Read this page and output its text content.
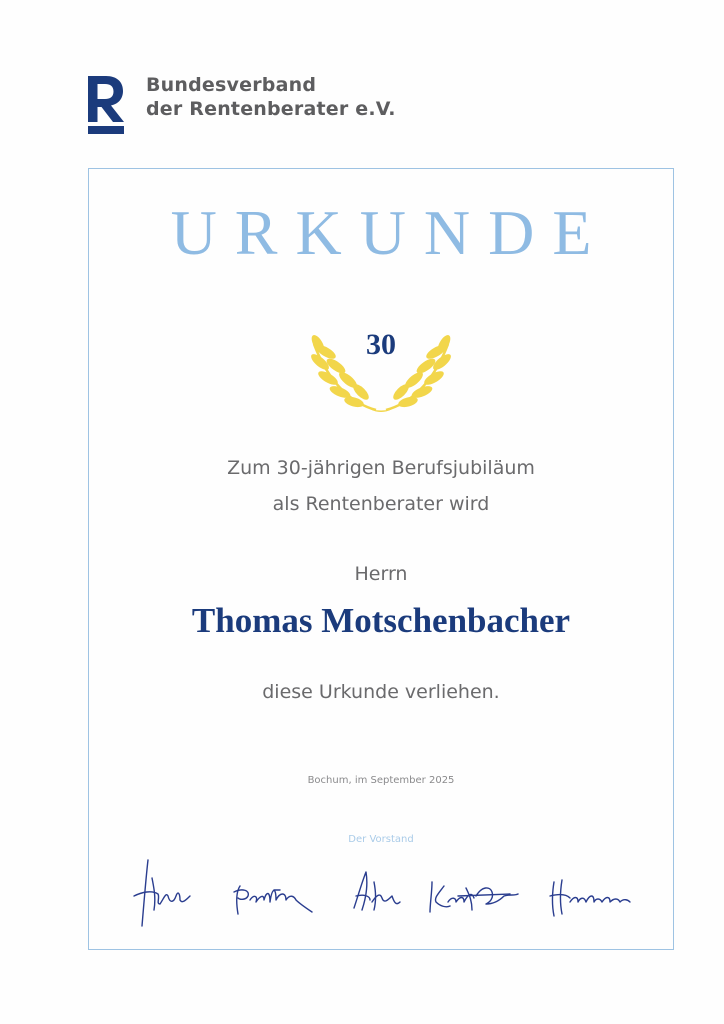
Bundesverband
der Rentenberater e.V.
URKUNDE
30
Zum 30-jährigen Berufsjubiläum
als Rentenberater wird
Herrn
Thomas Motschenbacher
diese Urkunde verliehen.
Bochum, im September 2025
Der Vorstand
